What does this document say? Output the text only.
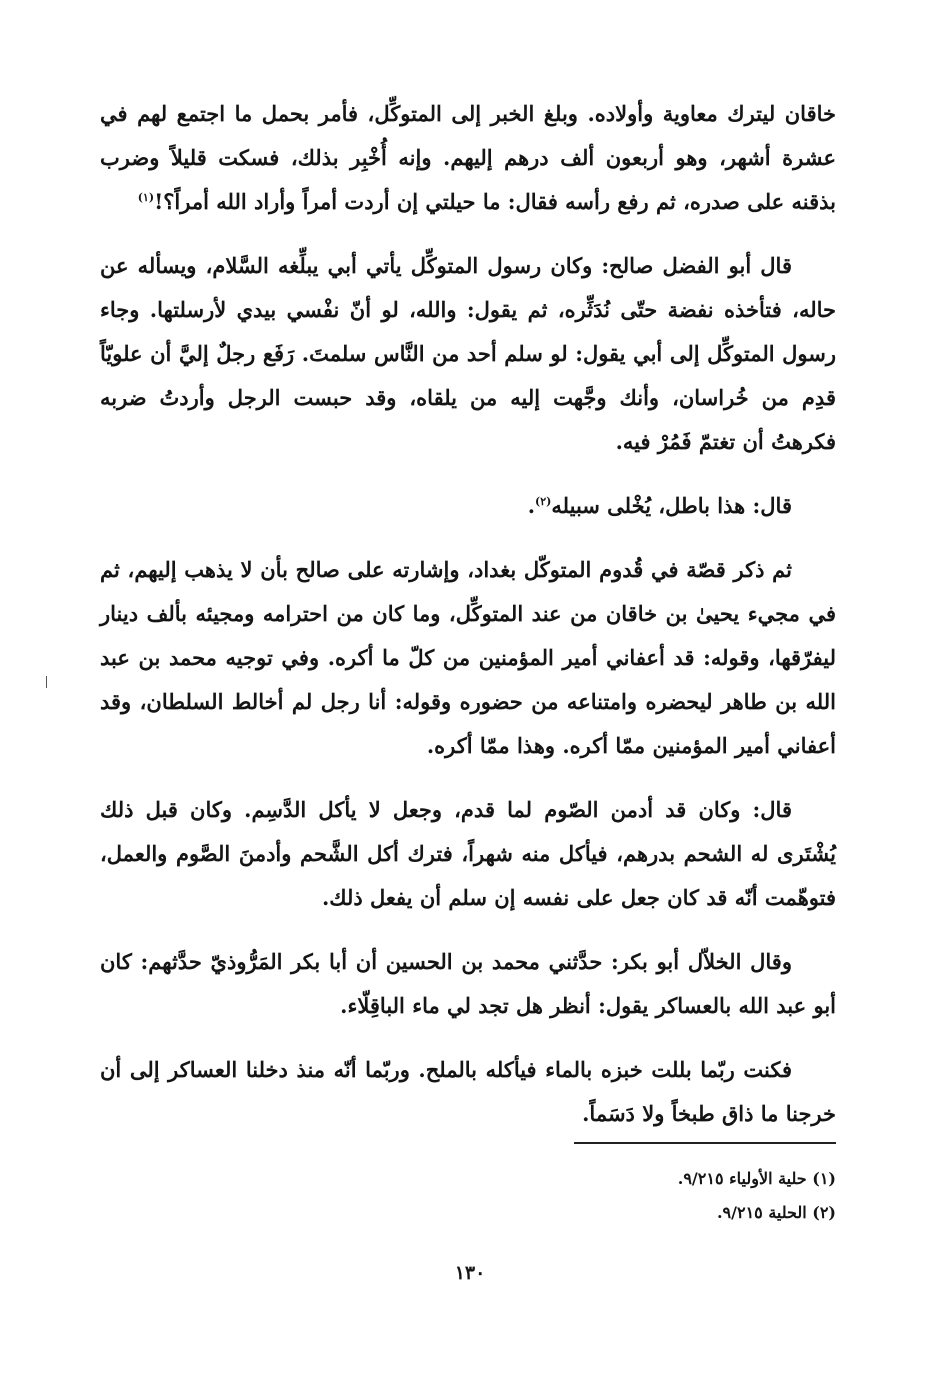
خاقان ليترك معاوية وأولاده. وبلغ الخبر إلى المتوكِّل، فأمر بحمل ما اجتمع لهم في عشرة أشهر، وهو أربعون ألف درهم إليهم. وإنه أُخْبِر بذلك، فسكت قليلاً وضرب بذقنه على صدره، ثم رفع رأسه فقال: ما حيلتي إن أردت أمراً وأراد الله أمراً؟!$^{(١)}$

قال أبو الفضل صالح: وكان رسول المتوكِّل يأتي أبي يبلِّغه السَّلام، ويسأله عن حاله، فتأخذه نفضة حتّى نُدَثِّره، ثم يقول: والله، لو أنّ نفْسي بيدي لأرسلتها. وجاء رسول المتوكِّل إلى أبي يقول: لو سلم أحد من النَّاس سلمتَ. رَفَع رجلٌ إليَّ أن علويّاً قدِم من خُراسان، وأنك وجَّهت إليه من يلقاه، وقد حبست الرجل وأردتُ ضربه فكرهتُ أن تغتمّ فَمُرْ فيه.

قال: هذا باطل، يُخْلى سبيله$^{(٢)}$.

ثم ذكر قصّة في قُدوم المتوكّل بغداد، وإشارته على صالح بأن لا يذهب إليهم، ثم في مجيء يحيىٰ بن خاقان من عند المتوكِّل، وما كان من احترامه ومجيئه بألف دينار ليفرّقها، وقوله: قد أعفاني أمير المؤمنين من كلّ ما أكره. وفي توجيه محمد بن عبد الله بن طاهر ليحضره وامتناعه من حضوره وقوله: أنا رجل لم أخالط السلطان، وقد أعفاني أمير المؤمنين ممّا أكره. وهذا ممّا أكره.

قال: وكان قد أدمن الصّوم لما قدم، وجعل لا يأكل الدَّسِم. وكان قبل ذلك يُشْتَرى له الشحم بدرهم، فيأكل منه شهراً، فترك أكل الشَّحم وأدمنَ الصَّوم والعمل، فتوهّمت أنّه قد كان جعل على نفسه إن سلم أن يفعل ذلك.

وقال الخلاّل أبو بكر: حدَّثني محمد بن الحسين أن أبا بكر المَرُّوذيّ حدَّثهم: كان أبو عبد الله بالعساكر يقول: أنظر هل تجد لي ماء الباقِلّاء.

فكنت ربّما بللت خبزه بالماء فيأكله بالملح. وربّما أنّه منذ دخلنا العساكر إلى أن خرجنا ما ذاق طبخاً ولا دَسَماً.

(١) حلية الأولياء ٩/٢١٥.

(٢) الحلية ٩/٢١٥.

١٣٠
